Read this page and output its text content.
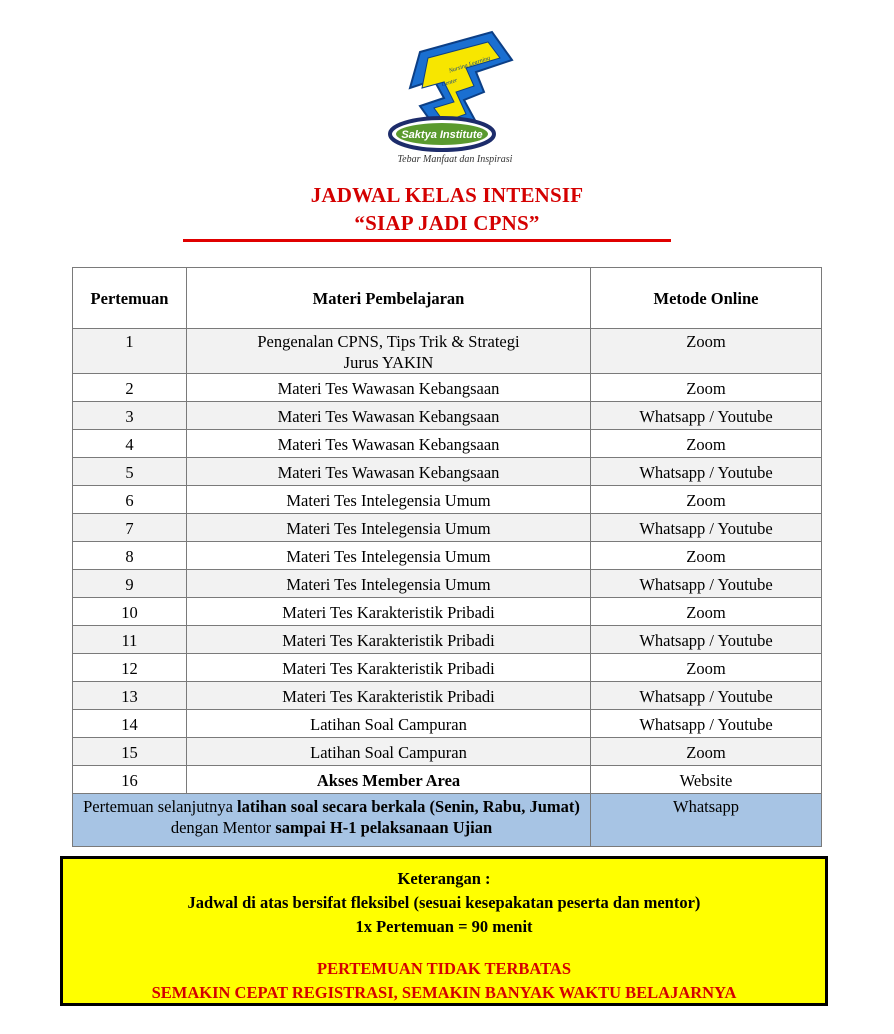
Saktya Institute
Nursing Learning
Center
Tebar Manfaat dan Inspirasi
JADWAL KELAS INTENSIF
“SIAP JADI CPNS”
Pertemuan	Materi Pembelajaran	Metode Online
1	Pengenalan CPNS, Tips Trik & Strategi Jurus YAKIN	Zoom
2	Materi Tes Wawasan Kebangsaan	Zoom
3	Materi Tes Wawasan Kebangsaan	Whatsapp / Youtube
4	Materi Tes Wawasan Kebangsaan	Zoom
5	Materi Tes Wawasan Kebangsaan	Whatsapp / Youtube
6	Materi Tes Intelegensia Umum	Zoom
7	Materi Tes Intelegensia Umum	Whatsapp / Youtube
8	Materi Tes Intelegensia Umum	Zoom
9	Materi Tes Intelegensia Umum	Whatsapp / Youtube
10	Materi Tes Karakteristik Pribadi	Zoom
11	Materi Tes Karakteristik Pribadi	Whatsapp / Youtube
12	Materi Tes Karakteristik Pribadi	Zoom
13	Materi Tes Karakteristik Pribadi	Whatsapp / Youtube
14	Latihan Soal Campuran	Whatsapp / Youtube
15	Latihan Soal Campuran	Zoom
16	Akses Member Area	Website
Pertemuan selanjutnya latihan soal secara berkala (Senin, Rabu, Jumat) dengan Mentor sampai H-1 pelaksanaan Ujian		Whatsapp
Keterangan :
Jadwal di atas bersifat fleksibel (sesuai kesepakatan peserta dan mentor)
1x Pertemuan = 90 menit
PERTEMUAN TIDAK TERBATAS
SEMAKIN CEPAT REGISTRASI, SEMAKIN BANYAK WAKTU BELAJARNYA
